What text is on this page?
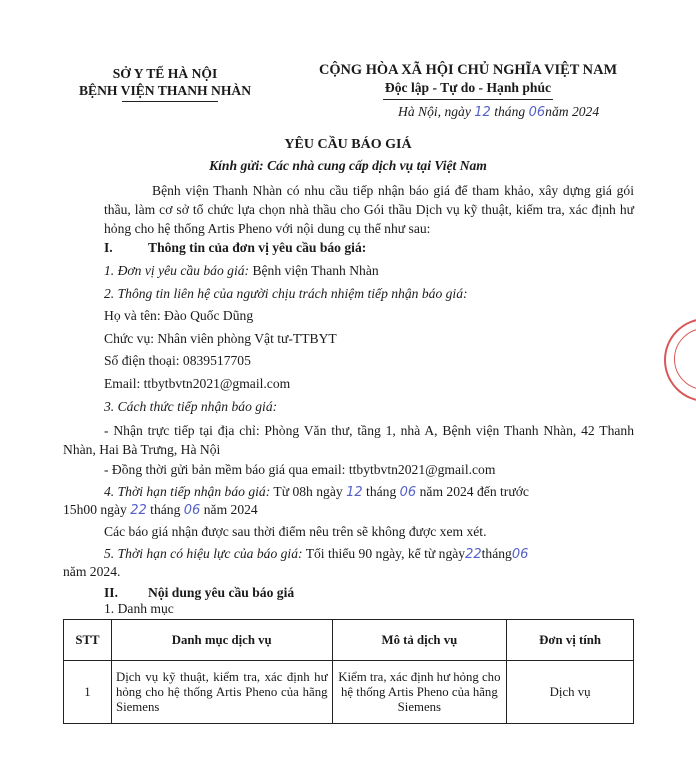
SỞ Y TẾ HÀ NỘI
BỆNH VIỆN THANH NHÀN
CỘNG HÒA XÃ HỘI CHỦ NGHĨA VIỆT NAM
Độc lập - Tự do - Hạnh phúc
Hà Nội, ngày 12 tháng 06năm 2024
YÊU CẦU BÁO GIÁ
Kính gửi: Các nhà cung cấp dịch vụ tại Việt Nam
Bệnh viện Thanh Nhàn có nhu cầu tiếp nhận báo giá để tham khảo, xây dựng giá gói thầu, làm cơ sở tổ chức lựa chọn nhà thầu cho Gói thầu Dịch vụ kỹ thuật, kiểm tra, xác định hư hỏng cho hệ thống Artis Pheno với nội dung cụ thể như sau:
I.	Thông tin của đơn vị yêu cầu báo giá:
1. Đơn vị yêu cầu báo giá: Bệnh viện Thanh Nhàn
2. Thông tin liên hệ của người chịu trách nhiệm tiếp nhận báo giá:
Họ và tên: Đào Quốc Dũng
Chức vụ: Nhân viên phòng Vật tư-TTBYT
Số điện thoại: 0839517705
Email: ttbytbvtn2021@gmail.com
3. Cách thức tiếp nhận báo giá:
- Nhận trực tiếp tại địa chỉ: Phòng Văn thư, tầng 1, nhà A, Bệnh viện Thanh Nhàn, 42 Thanh Nhàn, Hai Bà Trưng, Hà Nội
- Đồng thời gửi bản mềm báo giá qua email: ttbytbvtn2021@gmail.com
4. Thời hạn tiếp nhận báo giá: Từ 08h ngày 12 tháng 06 năm 2024 đến trước
15h00 ngày 22 tháng 06 năm 2024
Các báo giá nhận được sau thời điểm nêu trên sẽ không được xem xét.
5. Thời hạn có hiệu lực của báo giá: Tối thiểu 90 ngày, kể từ ngày22tháng06
năm 2024.
II. Nội dung yêu cầu báo giá
1. Danh mục
STT	Danh mục dịch vụ	Mô tả dịch vụ	Đơn vị tính
1	Dịch vụ kỹ thuật, kiểm tra, xác định hư hỏng cho hệ thống Artis Pheno của hãng Siemens	Kiểm tra, xác định hư hỏng cho hệ thống Artis Pheno của hãng Siemens	Dịch vụ
